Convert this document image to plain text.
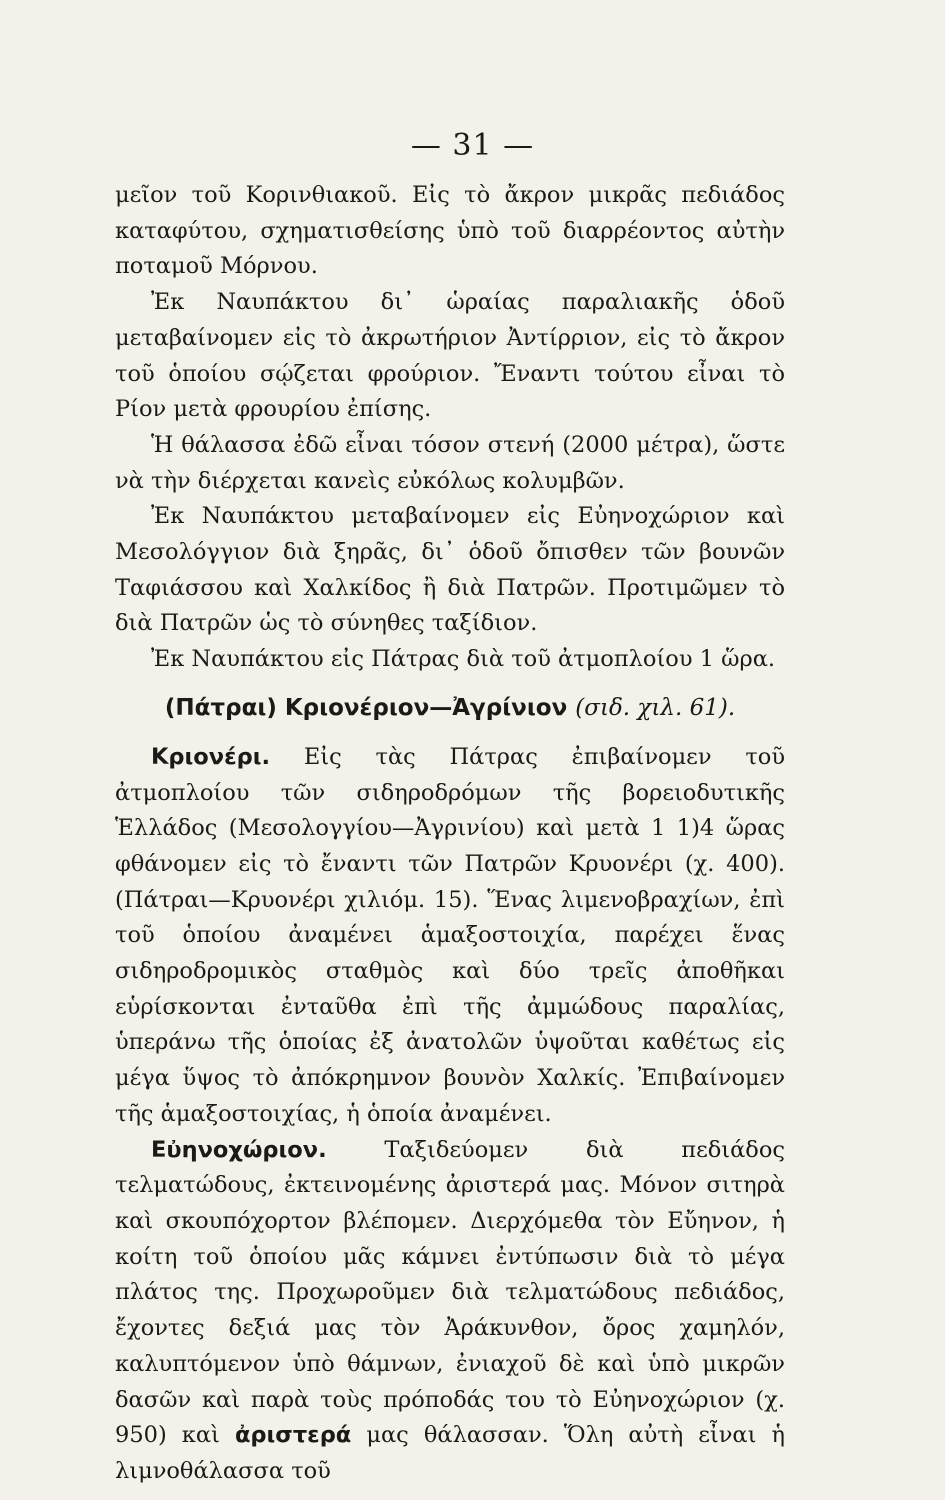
— 31 —

μεῖον τοῦ Κορινθιακοῦ. Εἰς τὸ ἄκρον μικρᾶς πεδιάδος καταφύτου, σχηματισθείσης ὑπὸ τοῦ διαρρέοντος αὐτὴν ποταμοῦ Μόρνου.

Ἐκ Ναυπάκτου δι᾽ ὡραίας παραλιακῆς ὁδοῦ μεταβαίνομεν εἰς τὸ ἀκρωτήριον Ἀντίρριον, εἰς τὸ ἄκρον τοῦ ὁποίου σῴζεται φρούριον. Ἔναντι τούτου εἶναι τὸ Ρίον μετὰ φρουρίου ἐπίσης.

Ἡ θάλασσα ἐδῶ εἶναι τόσον στενή (2000 μέτρα), ὥστε νὰ τὴν διέρχεται κανεὶς εὐκόλως κολυμβῶν.

Ἐκ Ναυπάκτου μεταβαίνομεν εἰς Εὐηνοχώριον καὶ Μεσολόγγιον διὰ ξηρᾶς, δι᾽ ὁδοῦ ὄπισθεν τῶν βουνῶν Ταφιάσσου καὶ Χαλκίδος ἢ διὰ Πατρῶν. Προτιμῶμεν τὸ διὰ Πατρῶν ὡς τὸ σύνηθες ταξίδιον.

Ἐκ Ναυπάκτου εἰς Πάτρας διὰ τοῦ ἀτμοπλοίου 1 ὥρα.

(Πάτραι) Κριονέριον—Ἀγρίνιον (σιδ. χιλ. 61).

Κριονέρι. Εἰς τὰς Πάτρας ἐπιβαίνομεν τοῦ ἀτμοπλοίου τῶν σιδηροδρόμων τῆς βορειοδυτικῆς Ἑλλάδος (Μεσολογγίου—Ἀγρινίου) καὶ μετὰ 1 1)4 ὥρας φθάνομεν εἰς τὸ ἔναντι τῶν Πατρῶν Κρυονέρι (χ. 400). (Πάτραι—Κρυονέρι χιλιόμ. 15). Ἕνας λιμενοβραχίων, ἐπὶ τοῦ ὁποίου ἀναμένει ἁμαξοστοιχία, παρέχει ἕνας σιδηροδρομικὸς σταθμὸς καὶ δύο τρεῖς ἀποθῆκαι εὑρίσκονται ἐνταῦθα ἐπὶ τῆς ἀμμώδους παραλίας, ὑπεράνω τῆς ὁποίας ἐξ ἀνατολῶν ὑψοῦται καθέτως εἰς μέγα ὕψος τὸ ἀπόκρημνον βουνὸν Χαλκίς. Ἐπιβαίνομεν τῆς ἁμαξοστοιχίας, ἡ ὁποία ἀναμένει.

Εὐηνοχώριον. Ταξιδεύομεν διὰ πεδιάδος τελματώδους, ἐκτεινομένης ἀριστερά μας. Μόνον σιτηρὰ καὶ σκουπόχορτον βλέπομεν. Διερχόμεθα τὸν Εὔηνον, ἡ κοίτη τοῦ ὁποίου μᾶς κάμνει ἐντύπωσιν διὰ τὸ μέγα πλάτος της. Προχωροῦμεν διὰ τελματώδους πεδιάδος, ἔχοντες δεξιά μας τὸν Ἀράκυνθον, ὄρος χαμηλόν, καλυπτόμενον ὑπὸ θάμνων, ἐνιαχοῦ δὲ καὶ ὑπὸ μικρῶν δασῶν καὶ παρὰ τοὺς πρόποδάς του τὸ Εὐηνοχώριον (χ. 950) καὶ ἀριστερά μας θάλασσαν. Ὅλη αὐτὴ εἶναι ἡ λιμνοθάλασσα τοῦ
